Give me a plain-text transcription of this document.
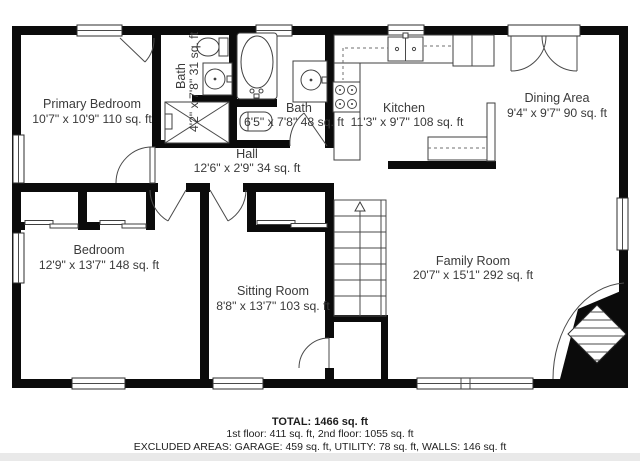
Primary Bedroom
10'7" x 10'9" 110 sq. ft
Bath 4'2" x 7'8" 31 sq. ft	Bath
6'5" x 7'8" 48 sq. ft
Kitchen
11'3" x 9'7" 108 sq. ft
Dining Area
9'4" x 9'7" 90 sq. ft
Hall
12'6" x 2'9" 34 sq. ft
Bedroom
12'9" x 13'7" 148 sq. ft
Sitting Room
8'8" x 13'7" 103 sq. ft
Family Room
20'7" x 15'1" 292 sq. ft
TOTAL: 1466 sq. ft
1st floor: 411 sq. ft, 2nd floor: 1055 sq. ft
EXCLUDED AREAS: GARAGE: 459 sq. ft, UTILITY: 78 sq. ft, WALLS: 146 sq. ft
